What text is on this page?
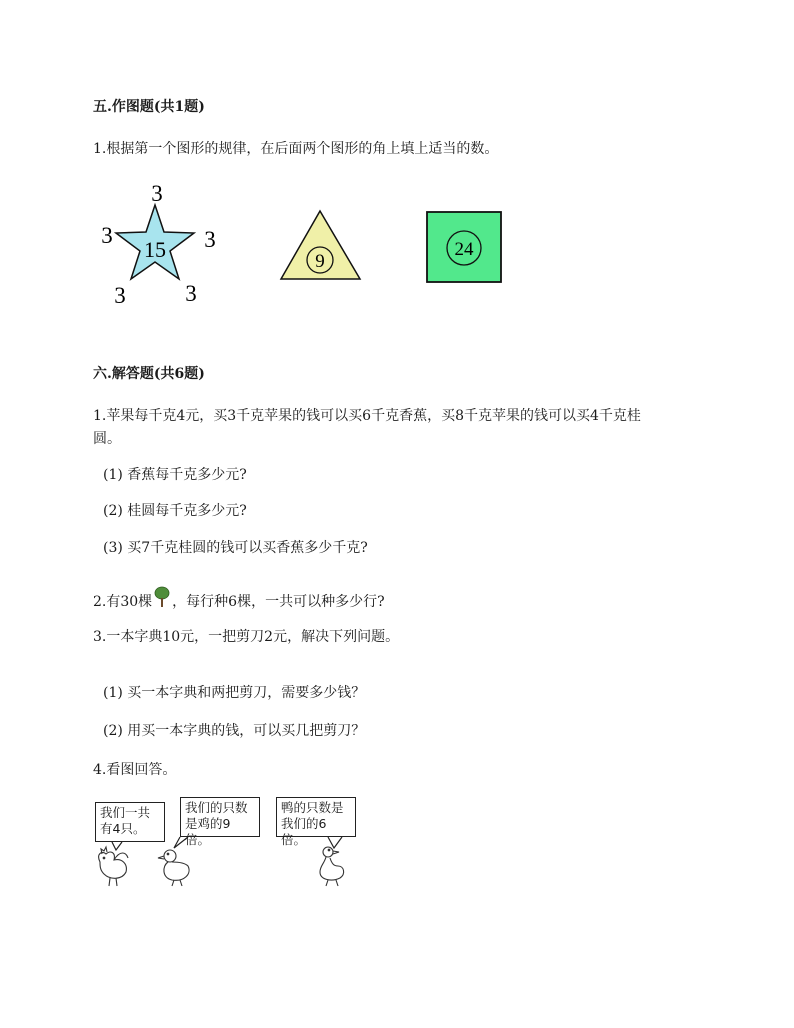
五.作图题(共1题)
1.根据第一个图形的规律，在后面两个图形的角上填上适当的数。
15
3
3	3
3	3
9
24
六.解答题(共6题)
1.苹果每千克4元，买3千克苹果的钱可以买6千克香蕉，买8千克苹果的钱可以买4千克桂
圆。
(1) 香蕉每千克多少元?
(2) 桂圆每千克多少元?
(3) 买7千克桂圆的钱可以买香蕉多少千克?
2.有30棵 ，每行种6棵，一共可以种多少行?
3.一本字典10元，一把剪刀2元，解决下列问题。
(1) 买一本字典和两把剪刀，需要多少钱？
(2) 用买一本字典的钱，可以买几把剪刀？
4.看图回答。
我们一共
有4只。
我们的只数
是鸡的9倍。
鸭的只数是
我们的6倍。
